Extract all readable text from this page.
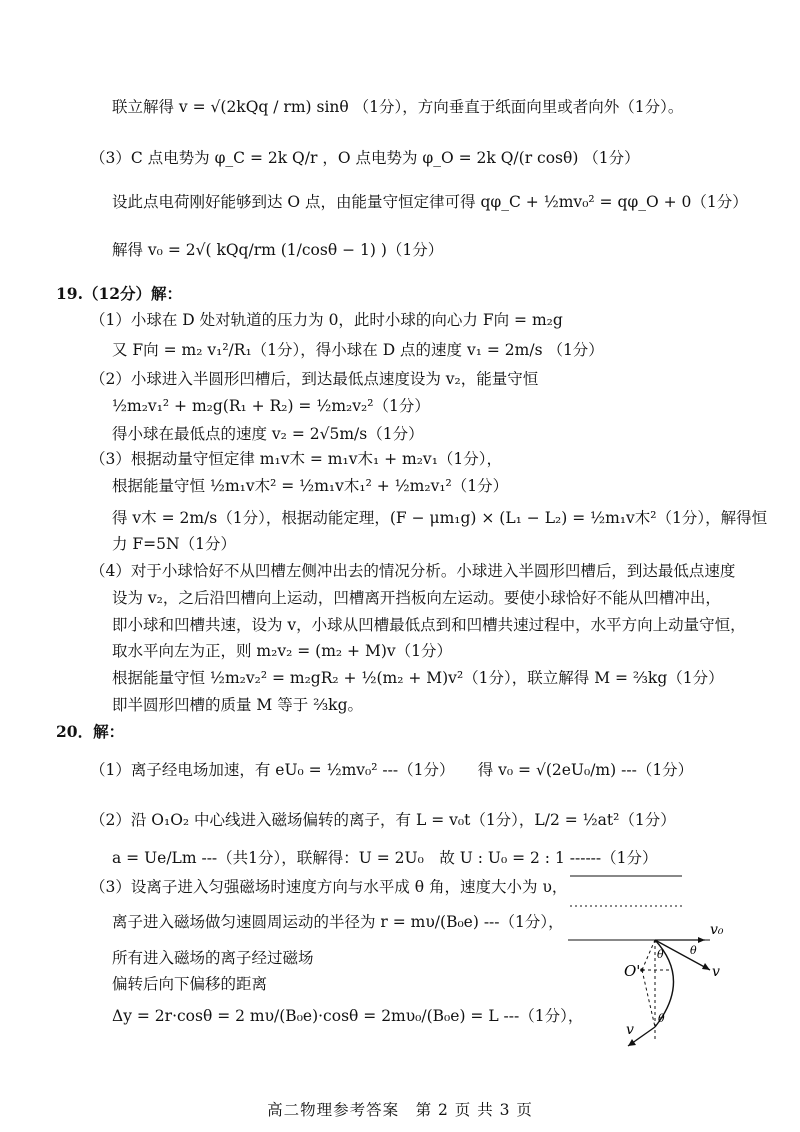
联立解得 v = √(2kQq / rm) sinθ （1分），方向垂直于纸面向里或者向外（1分）。
（3）C 点电势为 φ_C = 2k Q/r ，O 点电势为 φ_O = 2k Q/(r cosθ) （1分）
设此点电荷刚好能够到达 O 点，由能量守恒定律可得 qφ_C + ½mv₀² = qφ_O + 0（1分）
解得 v₀ = 2√( kQq/rm (1/cosθ − 1) )（1分）
19.（12分）解：
（1）小球在 D 处对轨道的压力为 0，此时小球的向心力 F向 = m₂g
又 F向 = m₂ v₁²/R₁（1分），得小球在 D 点的速度 v₁ = 2m/s （1分）
（2）小球进入半圆形凹槽后，到达最低点速度设为 v₂，能量守恒
½m₂v₁² + m₂g(R₁ + R₂) = ½m₂v₂²（1分）
得小球在最低点的速度 v₂ = 2√5m/s（1分）
（3）根据动量守恒定律 m₁v木 = m₁v木₁ + m₂v₁（1分），
根据能量守恒 ½m₁v木² = ½m₁v木₁² + ½m₂v₁²（1分）
得 v木 = 2m/s（1分），根据动能定理，(F − μm₁g) × (L₁ − L₂) = ½m₁v木²（1分），解得恒
力 F=5N（1分）
（4）对于小球恰好不从凹槽左侧冲出去的情况分析。小球进入半圆形凹槽后，到达最低点速度
设为 v₂，之后沿凹槽向上运动，凹槽离开挡板向左运动。要使小球恰好不能从凹槽冲出，
即小球和凹槽共速，设为 v，小球从凹槽最低点到和凹槽共速过程中，水平方向上动量守恒，
取水平向左为正，则 m₂v₂ = (m₂ + M)v（1分）
根据能量守恒 ½m₂v₂² = m₂gR₂ + ½(m₂ + M)v²（1分），联立解得 M = ⅔kg（1分）
即半圆形凹槽的质量 M 等于 ⅔kg。
20．解：
（1）离子经电场加速，有 eU₀ = ½mv₀² ---（1分）　　得 v₀ = √(2eU₀/m) ---（1分）
（2）沿 O₁O₂ 中心线进入磁场偏转的离子，有 L = v₀t（1分），L/2 = ½at²（1分）
a = Ue/Lm ---（共1分），联解得：U = 2U₀　故 U : U₀ = 2 : 1 ------（1分）
（3）设离子进入匀强磁场时速度方向与水平成 θ 角，速度大小为 υ，
离子进入磁场做匀速圆周运动的半径为 r = mυ/(B₀e) ---（1分），
所有进入磁场的离子经过磁场
偏转后向下偏移的距离
Δy = 2r·cosθ = 2 mυ/(B₀e)·cosθ = 2mυ₀/(B₀e) = L ---（1分），
v₀
θ
O'
θ
v
θ
v
高二物理参考答案　第 2 页 共 3 页
